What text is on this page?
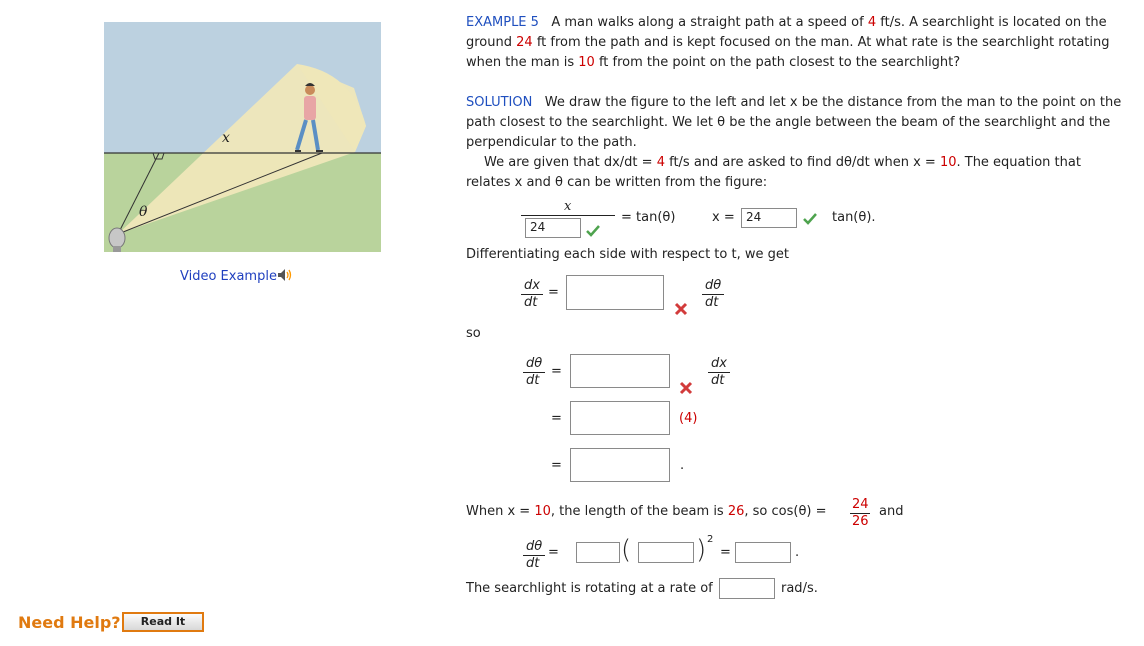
x
θ
Video Example
EXAMPLE 5 A man walks along a straight path at a speed of 4 ft/s. A searchlight is located on the
ground 24 ft from the path and is kept focused on the man. At what rate is the searchlight rotating
when the man is 10 ft from the point on the path closest to the searchlight?
SOLUTION We draw the figure to the left and let x be the distance from the man to the point on the
path closest to the searchlight. We let θ be the angle between the beam of the searchlight and the
perpendicular to the path.
We are given that dx/dt = 4 ft/s and are asked to find dθ/dt when x = 10. The equation that
relates x and θ can be written from the figure:
x
24
= tan(θ)	x = 24	tan(θ).
Differentiating each side with respect to t, we get
dx
dt
=	dθ
dt
so
dθ
dt
=
dx
dt
=	(4)
=	.
When x = 10, the length of the beam is 26, so cos(θ) = 24
26
and
dθ
dt
= ( ) 2
=	.
The searchlight is rotating at a rate of	rad/s.
Need Help?	Read It
